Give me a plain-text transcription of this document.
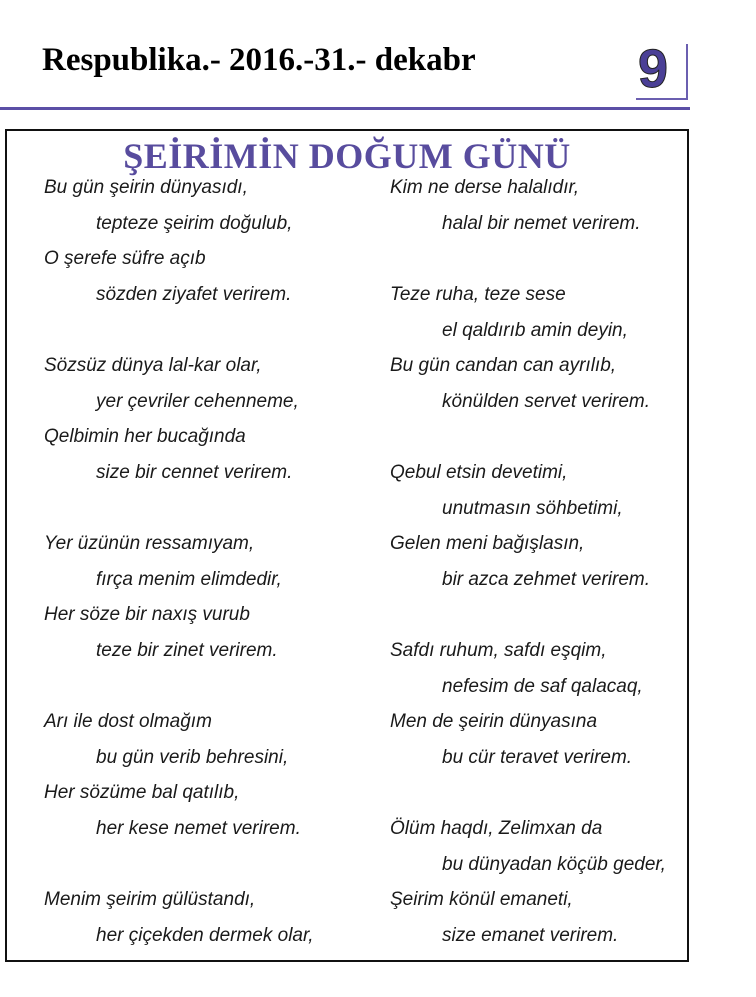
Respublika.- 2016.-31.- dekabr	9
ŞEİRİMİN DOĞUM GÜNÜ
Bu gün şeirin dünyasıdı,
tepteze şeirim doğulub,
O şerefe süfre açıb
sözden ziyafet verirem.
Sözsüz dünya lal-kar olar,
yer çevriler cehenneme,
Qelbimin her bucağında
size bir cennet verirem.
Yer üzünün ressamıyam,
fırça menim elimdedir,
Her söze bir naxış vurub
teze bir zinet verirem.
Arı ile dost olmağım
bu gün verib behresini,
Her sözüme bal qatılıb,
her kese nemet verirem.
Menim şeirim gülüstandı,
her çiçekden dermek olar,
Kim ne derse halalıdır,
halal bir nemet verirem.
Teze ruha, teze sese
el qaldırıb amin deyin,
Bu gün candan can ayrılıb,
könülden servet verirem.
Qebul etsin devetimi,
unutmasın söhbetimi,
Gelen meni bağışlasın,
bir azca zehmet verirem.
Safdı ruhum, safdı eşqim,
nefesim de saf qalacaq,
Men de şeirin dünyasına
bu cür teravet verirem.
Ölüm haqdı, Zelimxan da
bu dünyadan köçüb geder,
Şeirim könül emaneti,
size emanet verirem.
